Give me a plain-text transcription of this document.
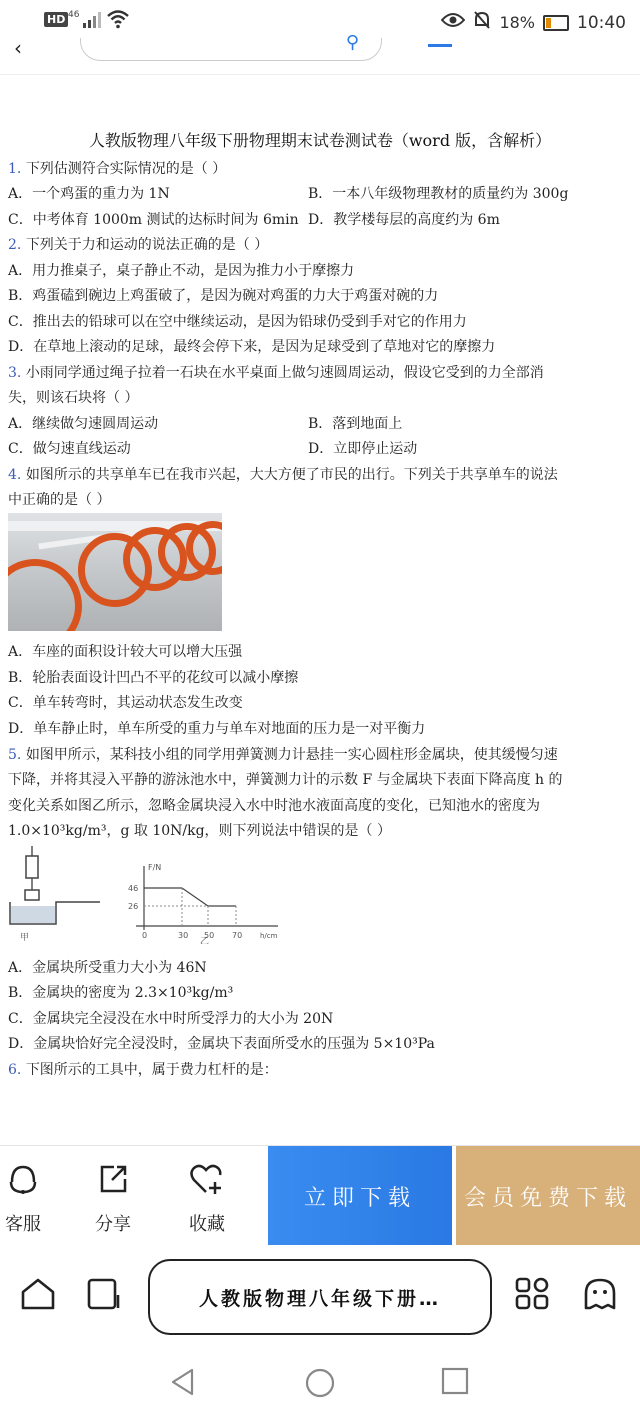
HD 46	18% 10:40
‹	⚲
人教版物理八年级下册物理期末试卷测试卷（word 版，含解析）
1. 下列估测符合实际情况的是（ ）
A．一个鸡蛋的重力为 1N	B．一本八年级物理教材的质量约为 300g
C．中考体育 1000m 测试的达标时间为 6min D．教学楼每层的高度约为 6m
2. 下列关于力和运动的说法正确的是（ ）
A．用力推桌子，桌子静止不动，是因为推力小于摩擦力
B．鸡蛋磕到碗边上鸡蛋破了，是因为碗对鸡蛋的力大于鸡蛋对碗的力
C．推出去的铅球可以在空中继续运动，是因为铅球仍受到手对它的作用力
D．在草地上滚动的足球，最终会停下来，是因为足球受到了草地对它的摩擦力
3. 小雨同学通过绳子拉着一石块在水平桌面上做匀速圆周运动，假设它受到的力全部消
失，则该石块将（ ）
A．继续做匀速圆周运动	B．落到地面上
C．做匀速直线运动	D．立即停止运动
4. 如图所示的共享单车已在我市兴起，大大方便了市民的出行。下列关于共享单车的说法
中正确的是（ ）
A．车座的面积设计较大可以增大压强
B．轮胎表面设计凹凸不平的花纹可以减小摩擦
C．单车转弯时，其运动状态发生改变
D．单车静止时，单车所受的重力与单车对地面的压力是一对平衡力
5. 如图甲所示，某科技小组的同学用弹簧测力计悬挂一实心圆柱形金属块，使其缓慢匀速
下降，并将其浸入平静的游泳池水中，弹簧测力计的示数 F 与金属块下表面下降高度 h 的
变化关系如图乙所示，忽略金属块浸入水中时池水液面高度的变化，已知池水的密度为
1.0×10³kg/m³，g 取 10N/kg，则下列说法中错误的是（ ）
A．金属块所受重力大小为 46N
B．金属块的密度为 2.3×10³kg/m³
C．金属块完全浸没在水中时所受浮力的大小为 20N
D．金属块恰好完全浸没时，金属块下表面所受水的压强为 5×10³Pa
6. 下图所示的工具中，属于费力杠杆的是：
甲
F/N
46
26
0	30 50 70	h/cm
乙
客服	分享	收藏
立即下载	会员免费下载
人教版物理八年级下册…
